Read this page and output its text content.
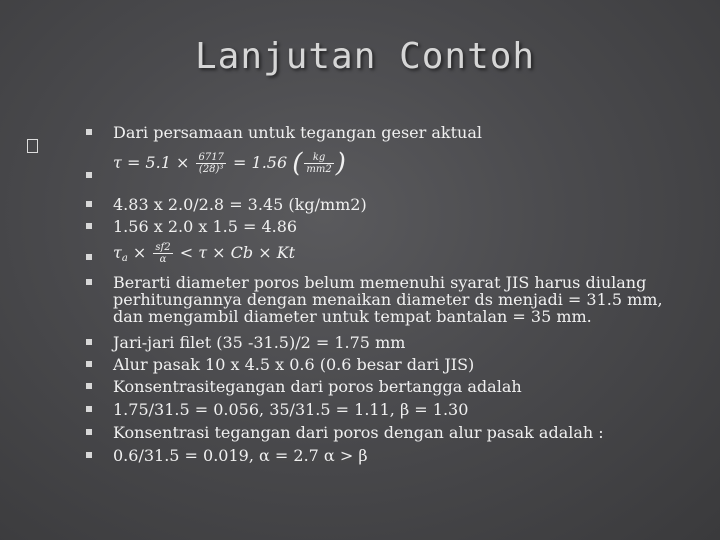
Lanjutan Contoh
Dari persamaan untuk tegangan geser aktual
$\tau = 5.1 \times \frac{6717}{\text{(28)³}} = 1.56$ ( $\frac{kg}{mm2}$ )
4.83 x 2.0/2.8 = 3.45 (kg/mm2)
1.56 x 2.0 x 1.5 = 4.86
$\tau_a \times \frac{sf2}{\alpha} < \tau \times Cb \times Kt$
Berarti diameter poros belum memenuhi syarat JIS harus diulang perhitungannya dengan menaikan diameter ds menjadi = 31.5 mm, dan mengambil diameter untuk tempat bantalan = 35 mm.
Jari-jari filet (35 -31.5)/2 = 1.75 mm
Alur pasak 10 x 4.5 x 0.6 (0.6 besar dari JIS)
Konsentrasitegangan dari poros bertangga adalah
1.75/31.5 = 0.056, 35/31.5 = 1.11, β = 1.30
Konsentrasi tegangan dari poros dengan alur pasak adalah :
0.6/31.5 = 0.019, α = 2.7 α > β
